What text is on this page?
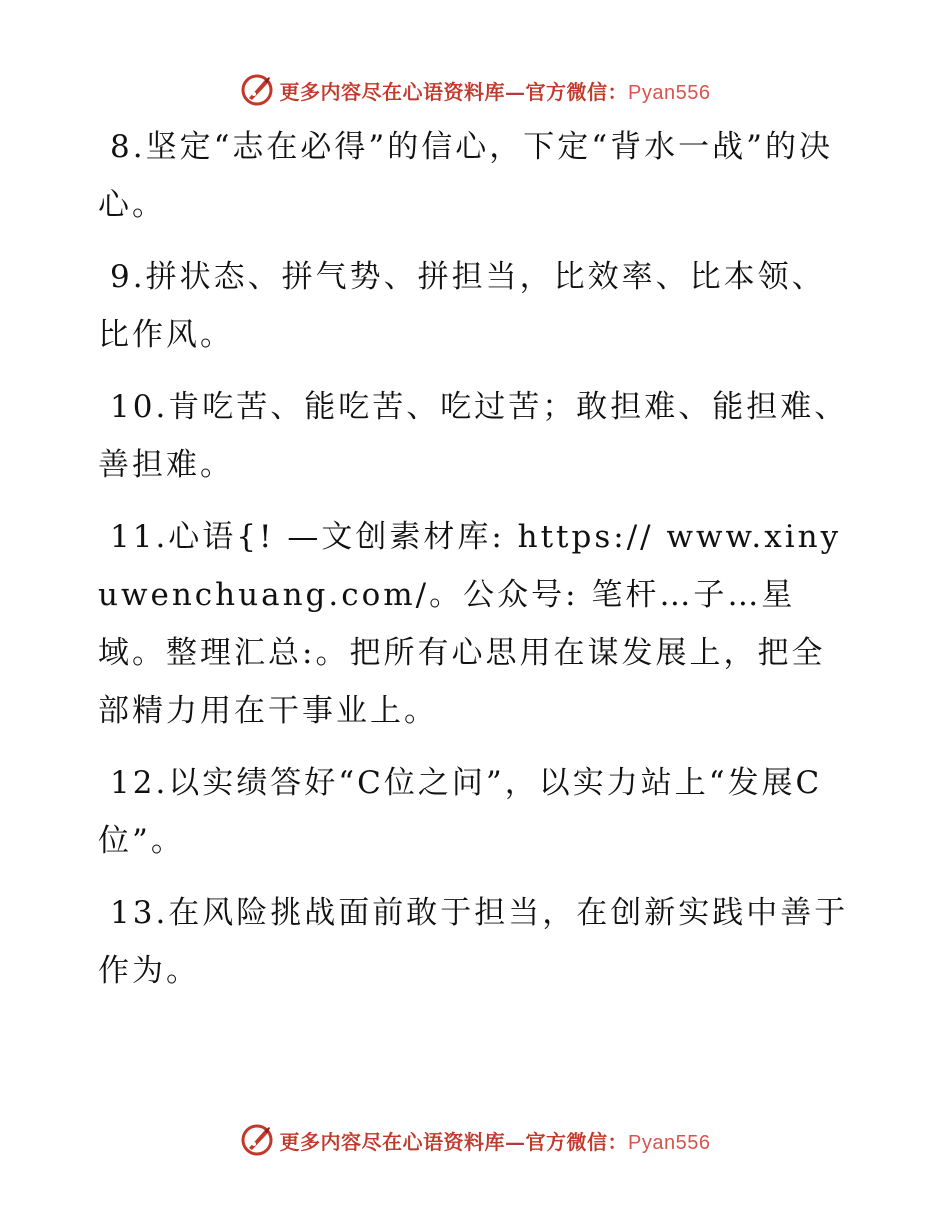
更多内容尽在心语资料库—官方微信：Pyan556

8.坚定“志在必得”的信心，下定“背水一战”的决心。

9.拼状态、拼气势、拼担当，比效率、比本领、比作风。

10.肯吃苦、能吃苦、吃过苦；敢担难、能担难、善担难。

11.心语{! —文创素材库: https:// www.xinyuwenchuang.com/。公众号: 笔杆…子…星域。整理汇总:。把所有心思用在谋发展上，把全部精力用在干事业上。

12.以实绩答好“C位之问”，以实力站上“发展C位”。

13.在风险挑战面前敢于担当，在创新实践中善于作为。

更多内容尽在心语资料库—官方微信：Pyan556
